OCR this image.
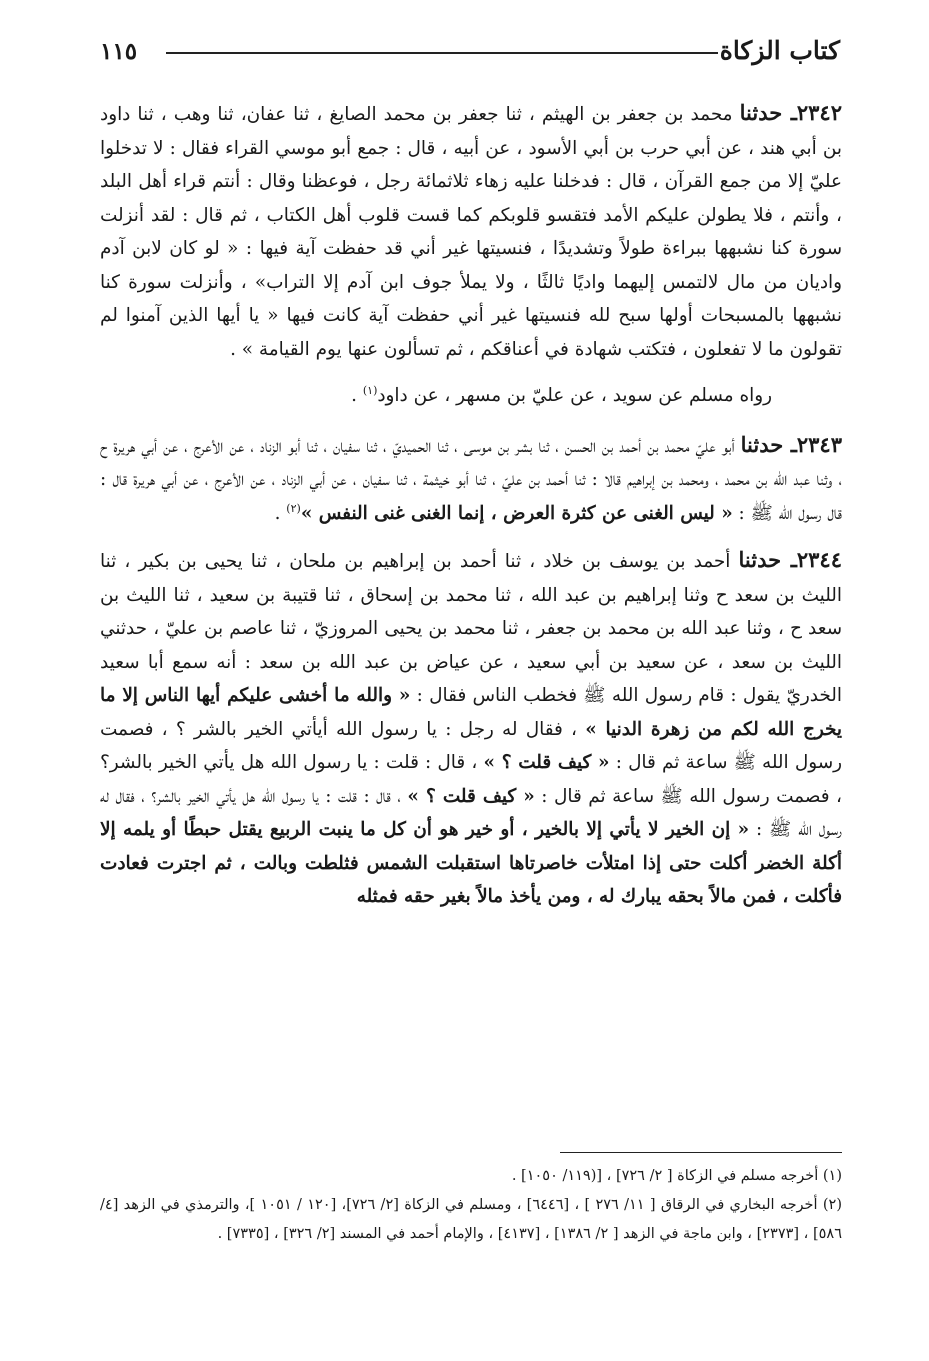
كتاب الزكاة
١١٥

٢٣٤٢ـ حدثنا محمد بن جعفر بن الهيثم ، ثنا جعفر بن محمد الصايغ ، ثنا عفان، ثنا وهب ، ثنا داود بن أبي هند ، عن أبي حرب بن أبي الأسود ، عن أبيه ، قال : جمع أبو موسي القراء فقال : لا تدخلوا عليّ إلا من جمع القرآن ، قال : فدخلنا عليه زهاء ثلاثمائة رجل ، فوعظنا وقال : أنتم قراء أهل البلد ، وأنتم ، فلا يطولن عليكم الأمد فتقسو قلوبكم كما قست قلوب أهل الكتاب ، ثم قال : لقد أنزلت سورة كنا نشبهها ببراءة طولاً وتشديدًا ، فنسيتها غير أني قد حفظت آية فيها : « لو كان لابن آدم واديان من مال لالتمس إليهما واديًا ثالثًا ، ولا يملأ جوف ابن آدم إلا التراب» ، وأنزلت سورة كنا نشبهها بالمسبحات أولها سبح لله فنسيتها غير أني حفظت آية كانت فيها « يا أيها الذين آمنوا لم تقولون ما لا تفعلون ، فتكتب شهادة في أعناقكم ، ثم تسألون عنها يوم القيامة » .

رواه مسلم عن سويد ، عن عليّ بن مسهر ، عن داود$^{(١)}$ .

٢٣٤٣ـ حدثنا أبو عليّ محمد بن أحمد بن الحسن ، ثنا بشر بن موسى ، ثنا الحميديّ ، ثنا سفيان ، ثنا أبو الزناد ، عن الأعرج ، عن أبي هريرة ح ، وثنا عبد الله بن محمد ، ومحمد بن إبراهيم قالا : ثنا أحمد بن عليّ ، ثنا أبو خيثمة ، ثنا سفيان ، عن أبي الزناد ، عن الأعرج ، عن أبي هريرة قال : قال رسول الله ﷺ : « ليس الغنى عن كثرة العرض ، إنما الغنى غنى النفس »$^{(٢)}$ .

٢٣٤٤ـ حدثنا أحمد بن يوسف بن خلاد ، ثنا أحمد بن إبراهيم بن ملحان ، ثنا يحيى بن بكير ، ثنا الليث بن سعد ح وثنا إبراهيم بن عبد الله ، ثنا محمد بن إسحاق ، ثنا قتيبة بن سعيد ، ثنا الليث بن سعد ح ، وثنا عبد الله بن محمد بن جعفر ، ثنا محمد بن يحيى المروزيّ ، ثنا عاصم بن عليّ ، حدثني الليث بن سعد ، عن سعيد بن أبي سعيد ، عن عياض بن عبد الله بن سعد : أنه سمع أبا سعيد الخدريّ يقول : قام رسول الله ﷺ فخطب الناس فقال : « والله ما أخشى عليكم أيها الناس إلا ما يخرج الله لكم من زهرة الدنيا » ، فقال له رجل : يا رسول الله أيأتي الخير بالشر ؟ ، فصمت رسول الله ﷺ ساعة ثم قال : « كيف قلت ؟ » ، قال : قلت : يا رسول الله هل يأتي الخير بالشر؟ ، فصمت رسول الله ﷺ ساعة ثم قال : « كيف قلت ؟ » ، قال : قلت : يا رسول الله هل يأتي الخير بالشر؟ ، فقال له رسول الله ﷺ : « إن الخير لا يأتي إلا بالخير ، أو خير هو أن كل ما ينبت الربيع يقتل حبطًا أو يلمه إلا أكلة الخضر أكلت حتى إذا امتلأت خاصرتاها استقبلت الشمس فثلطت وبالت ، ثم اجترت فعادت فأكلت ، فمن مالاً بحقه يبارك له ، ومن يأخذ مالاً بغير حقه فمثله

(١) أخرجه مسلم في الزكاة [ ٢/ ٧٢٦] ، [(١١٩/ ١٠٥٠] .

(٢) أخرجه البخاري في الرقاق [ ١١/ ٢٧٦ ] ، [٦٤٤٦] ، ومسلم في الزكاة [٢/ ٧٢٦]، [١٢٠ / ١٠٥١ ]، والترمذي في الزهد [٤/ ٥٨٦] ، [٢٣٧٣] ، وابن ماجة في الزهد [ ٢/ ١٣٨٦] ، [٤١٣٧] ، والإمام أحمد في المسند [٢/ ٣٢٦] ، [٧٣٣٥] .
